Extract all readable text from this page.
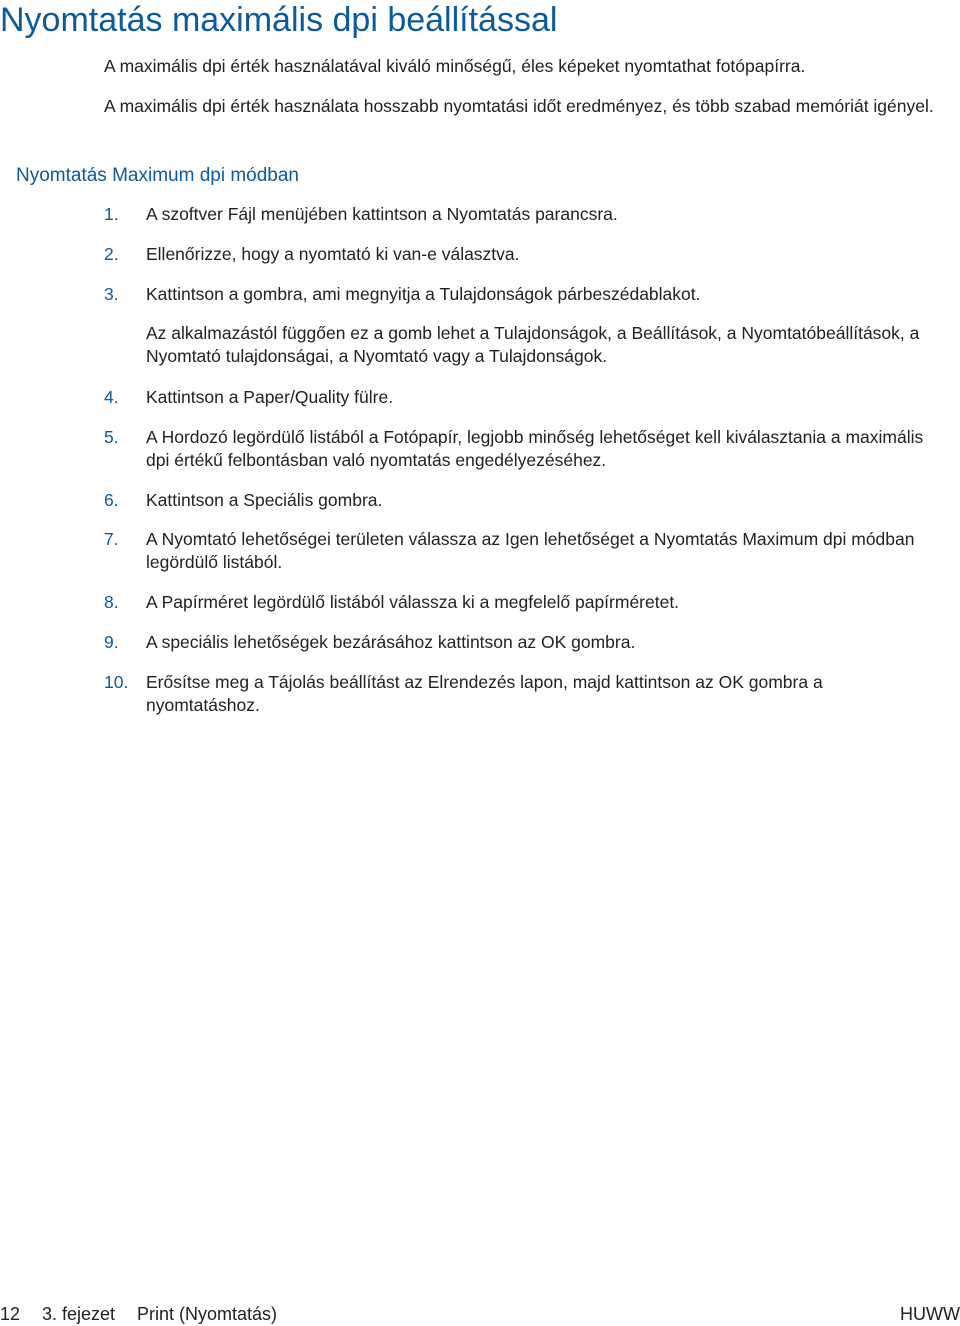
Nyomtatás maximális dpi beállítással

A maximális dpi érték használatával kiváló minőségű, éles képeket nyomtathat fotópapírra.

A maximális dpi érték használata hosszabb nyomtatási időt eredményez, és több szabad memóriát igényel.

Nyomtatás Maximum dpi módban
1. A szoftver Fájl menüjében kattintson a Nyomtatás parancsra.
2. Ellenőrizze, hogy a nyomtató ki van-e választva.
3. Kattintson a gombra, ami megnyitja a Tulajdonságok párbeszédablakot.
Az alkalmazástól függően ez a gomb lehet a Tulajdonságok, a Beállítások, a Nyomtatóbeállítások, a Nyomtató tulajdonságai, a Nyomtató vagy a Tulajdonságok.
4. Kattintson a Paper/Quality fülre.
5. A Hordozó legördülő listából a Fotópapír, legjobb minőség lehetőséget kell kiválasztania a maximális dpi értékű felbontásban való nyomtatás engedélyezéséhez.
6. Kattintson a Speciális gombra.
7. A Nyomtató lehetőségei területen válassza az Igen lehetőséget a Nyomtatás Maximum dpi módban legördülő listából.
8. A Papírméret legördülő listából válassza ki a megfelelő papírméretet.
9. A speciális lehetőségek bezárásához kattintson az OK gombra.
10. Erősítse meg a Tájolás beállítást az Elrendezés lapon, majd kattintson az OK gombra a nyomtatáshoz.
12 3. fejezet Print (Nyomtatás)	HUWW
